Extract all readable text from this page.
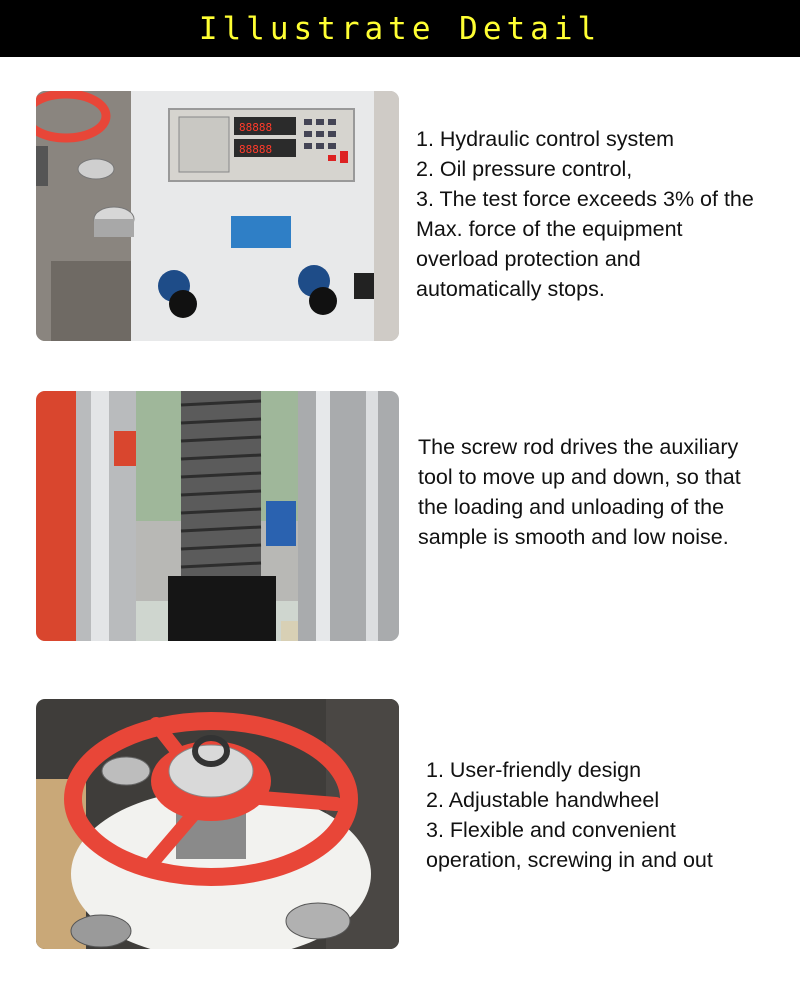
Illustrate Detail
88888
88888	1. Hydraulic control system
2. Oil pressure control,
3. The test force exceeds 3% of the
Max. force of the equipment
overload protection and
automatically stops.
The screw rod drives the auxiliary
tool to move up and down, so that
the loading and unloading of the
sample is smooth and low noise.
1. User-friendly design
2. Adjustable handwheel
3. Flexible and convenient
operation, screwing in and out
